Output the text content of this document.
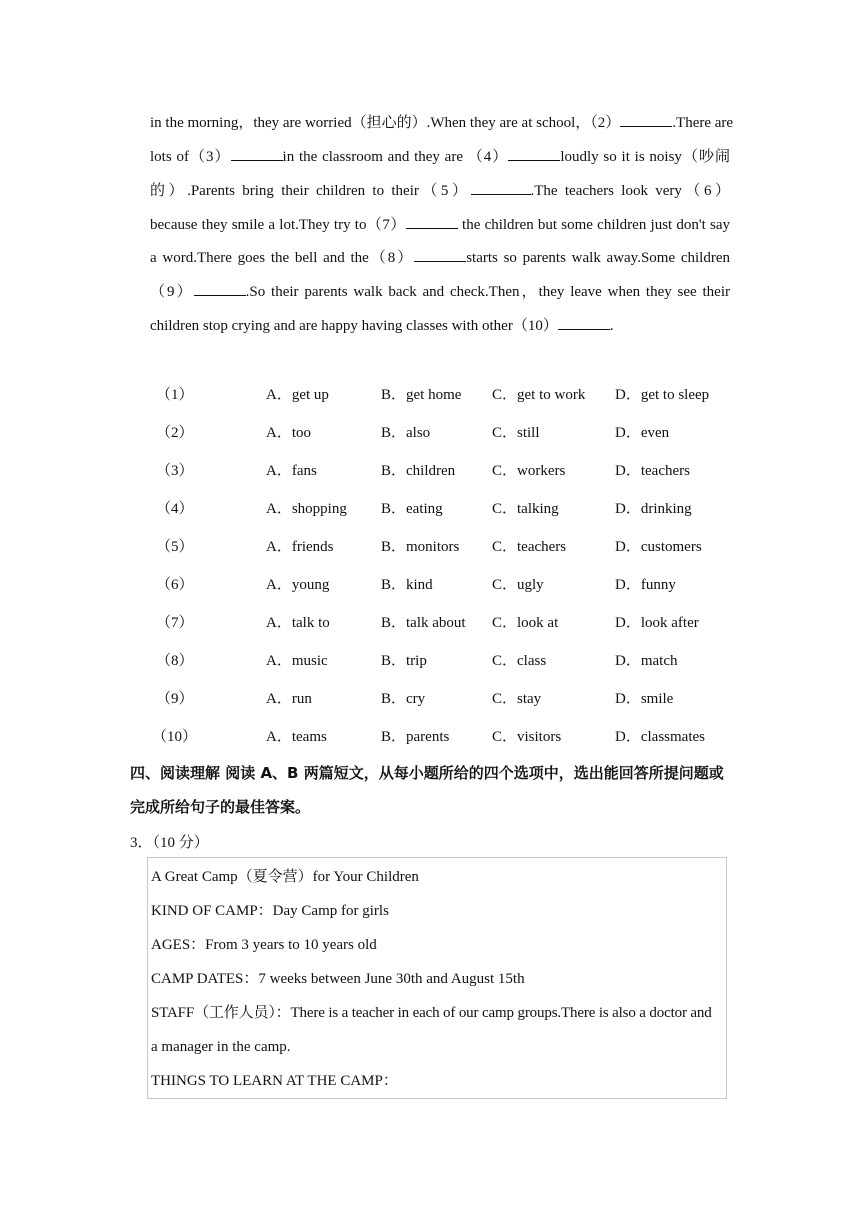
in the morning，they are worried（担心的）.When they are at school，（2）	.There are
lots of（3）	in the classroom and they are （4）	loudly so it is noisy（吵闹
的）.Parents bring their children to their（5）	.The teachers look very（6）
because they smile a lot.They try to（7）	the children but some children just don't say
a word.There goes the bell and the（8）	starts so parents walk away.Some children
（9）	.So their parents walk back and check.Then，they leave when they see their
children stop crying and are happy having classes with other（10）	.
（1）	A．get up	B．get home C．get to work D．get to sleep
（2）	A．too	B．also	C．still	D．even
（3）	A．fans	B．children C．workers	D．teachers
（4）	A．shopping B．eating	C．talking	D．drinking
（5）	A．friends	B．monitors C．teachers	D．customers
（6）	A．young	B．kind	C．ugly	D．funny
（7）	A．talk to	B．talk about C．look at	D．look after
（8）	A．music	B．trip	C．class	D．match
（9）	A．run	B．cry	C．stay	D．smile
（10）	A．teams	B．parents	C．visitors	D．classmates
四、阅读理解 阅读 A、B 两篇短文，从每小题所给的四个选项中，选出能回答所提问题或
完成所给句子的最佳答案。
3．（10 分）
A Great Camp（夏令营）for Your Children
KIND OF CAMP：Day Camp for girls
AGES：From 3 years to 10 years old
CAMP DATES：7 weeks between June 30th and August 15th
STAFF（工作人员）：There is a teacher in each of our camp groups.There is also a doctor and
a manager in the camp.
THINGS TO LEARN AT THE CAMP：
